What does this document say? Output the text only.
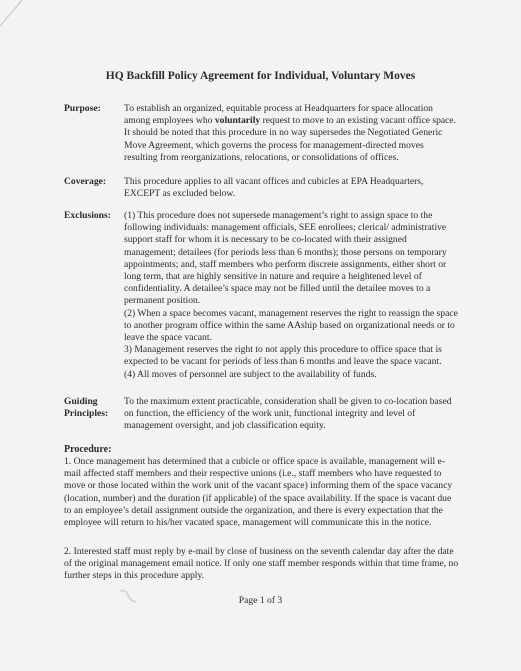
HQ Backfill Policy Agreement for Individual, Voluntary Moves
Purpose:	To establish an organized, equitable process at Headquarters for space allocation among employees who voluntarily request to move to an existing vacant office space. It should be noted that this procedure in no way supersedes the Negotiated Generic Move Agreement, which governs the process for management-directed moves resulting from reorganizations, relocations, or consolidations of offices.
Coverage:	This procedure applies to all vacant offices and cubicles at EPA Headquarters, EXCEPT as excluded below.
Exclusions:	(1) This procedure does not supersede management’s right to assign space to the following individuals: management officials, SEE enrollees; clerical/ administrative support staff for whom it is necessary to be co-located with their assigned management; detailees (for periods less than 6 months); those persons on temporary appointments; and, staff members who perform discrete assignments, either short or long term, that are highly sensitive in nature and require a heightened level of confidentiality. A detailee’s space may not be filled until the detailee moves to a permanent position.

(2) When a space becomes vacant, management reserves the right to reassign the space to another program office within the same AAship based on organizational needs or to leave the space vacant.

3) Management reserves the right to not apply this procedure to office space that is expected to be vacant for periods of less than 6 months and leave the space vacant.

(4) All moves of personnel are subject to the availability of funds.

Guiding
Principles:
To the maximum extent practicable, consideration shall be given to co-location based on function, the efficiency of the work unit, functional integrity and level of management oversight, and job classification equity.
Procedure:

1. Once management has determined that a cubicle or office space is available, management will e-mail affected staff members and their respective unions (i.e., staff members who have requested to move or those located within the work unit of the vacant space) informing them of the space vacancy (location, number) and the duration (if applicable) of the space availability. If the space is vacant due to an employee’s detail assignment outside the organization, and there is every expectation that the employee will return to his/her vacated space, management will communicate this in the notice.

2. Interested staff must reply by e-mail by close of business on the seventh calendar day after the date of the original management email notice. If only one staff member responds within that time frame, no further steps in this procedure apply.

Page 1 of 3
